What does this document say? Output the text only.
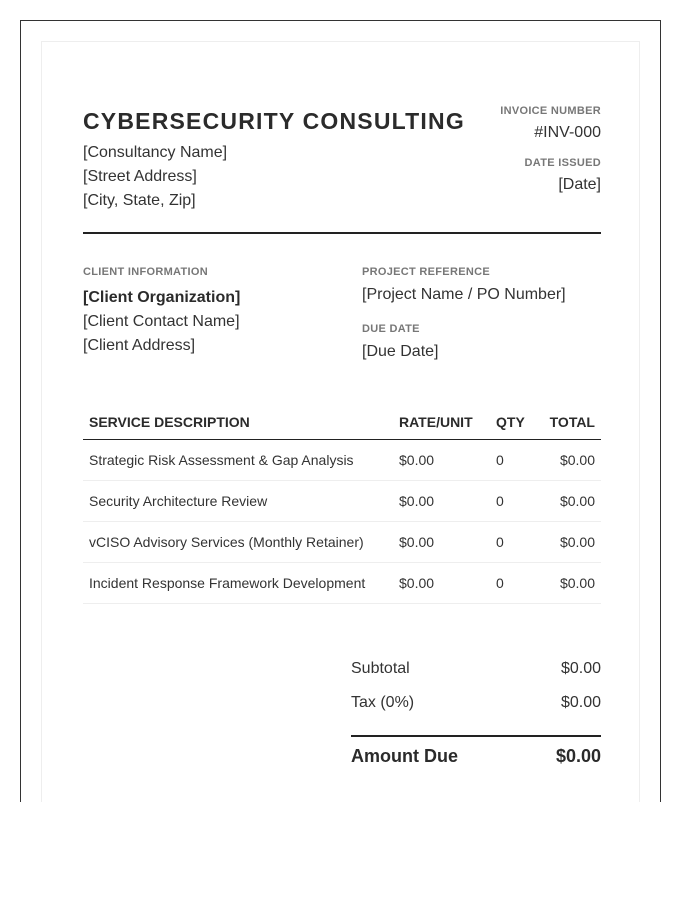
CYBERSECURITY CONSULTING
[Consultancy Name]
[Street Address]
[City, State, Zip]
INVOICE NUMBER
#INV-000
DATE ISSUED
[Date]
CLIENT INFORMATION
[Client Organization]
[Client Contact Name]
[Client Address]
PROJECT REFERENCE
[Project Name / PO Number]
DUE DATE
[Due Date]
SERVICE DESCRIPTION	RATE/UNIT QTY TOTAL
Strategic Risk Assessment & Gap Analysis	$0.00	0	$0.00
Security Architecture Review	$0.00	0	$0.00
vCISO Advisory Services (Monthly Retainer)	$0.00	0	$0.00
Incident Response Framework Development $0.00	0	$0.00
Subtotal	$0.00
Tax (0%)	$0.00
Amount Due	$0.00
